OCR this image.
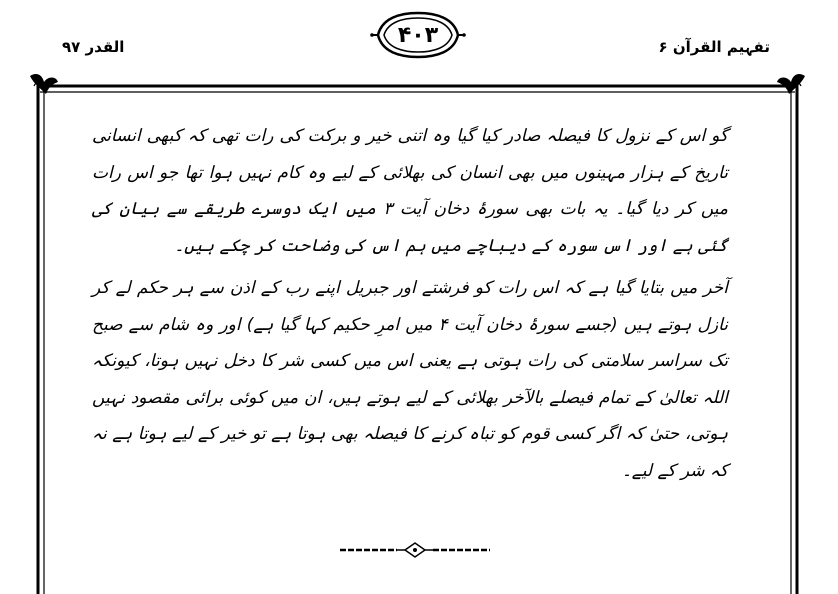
القدر ۹۷	تفہیم القرآن ۶
۴۰۳

گو اس کے نزول کا فیصلہ صادر کیا گیا وہ اتنی خیر و برکت کی رات تھی کہ کبھی انسانی تاریخ کے ہزار مہینوں میں بھی انسان کی بھلائی کے لیے وہ کام نہیں ہوا تھا جو اس رات میں کر دیا گیا۔ یہ بات بھی سورۂ دخان آیت ۳ میں ایک دوسرے طریقے سے بیان کی گئی ہے اور اس سورہ کے دیباچے میں ہم اس کی وضاحت کر چکے ہیں۔

آخر میں بتایا گیا ہے کہ اس رات کو فرشتے اور جبریل اپنے رب کے اذن سے ہر حکم لے کر نازل ہوتے ہیں (جسے سورۂ دخان آیت ۴ میں امرِ حکیم کہا گیا ہے) اور وہ شام سے صبح تک سراسر سلامتی کی رات ہوتی ہے یعنی اس میں کسی شر کا دخل نہیں ہوتا، کیونکہ اللہ تعالیٰ کے تمام فیصلے بالآخر بھلائی کے لیے ہوتے ہیں، ان میں کوئی برائی مقصود نہیں ہوتی، حتیٰ کہ اگر کسی قوم کو تباہ کرنے کا فیصلہ بھی ہوتا ہے تو خیر کے لیے ہوتا ہے نہ کہ شر کے لیے۔
